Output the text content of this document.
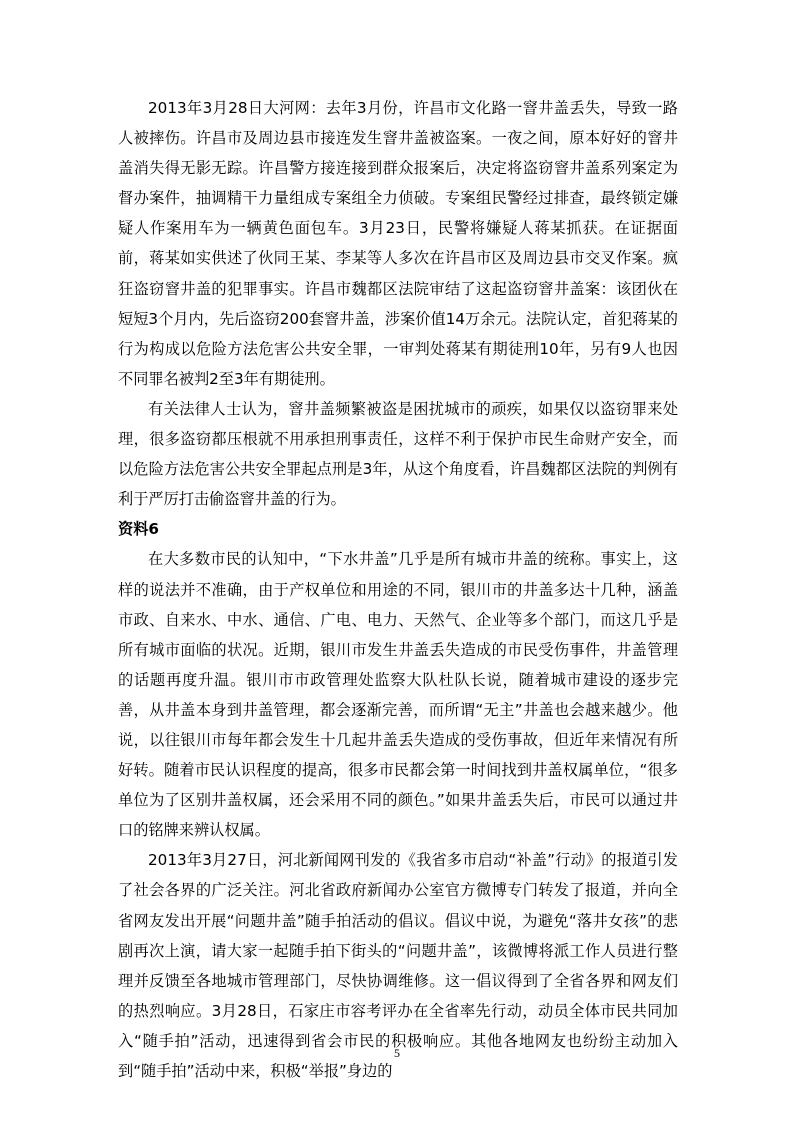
2013年3月28日大河网：去年3月份，许昌市文化路一窨井盖丢失，导致一路人被摔伤。许昌市及周边县市接连发生窨井盖被盗案。一夜之间，原本好好的窨井盖消失得无影无踪。许昌警方接连接到群众报案后，决定将盗窃窨井盖系列案定为督办案件，抽调精干力量组成专案组全力侦破。专案组民警经过排查，最终锁定嫌疑人作案用车为一辆黄色面包车。3月23日，民警将嫌疑人蒋某抓获。在证据面前，蒋某如实供述了伙同王某、李某等人多次在许昌市区及周边县市交叉作案。疯狂盗窃窨井盖的犯罪事实。许昌市魏都区法院审结了这起盗窃窨井盖案：该团伙在短短3个月内，先后盗窃200套窨井盖，涉案价值14万余元。法院认定，首犯蒋某的行为构成以危险方法危害公共安全罪，一审判处蒋某有期徒刑10年，另有9人也因不同罪名被判2至3年有期徒刑。

有关法律人士认为，窨井盖频繁被盗是困扰城市的顽疾，如果仅以盗窃罪来处理，很多盗窃都压根就不用承担刑事责任，这样不利于保护市民生命财产安全，而以危险方法危害公共安全罪起点刑是3年，从这个角度看，许昌魏都区法院的判例有利于严厉打击偷盗窨井盖的行为。

资料6

在大多数市民的认知中，“下水井盖”几乎是所有城市井盖的统称。事实上，这样的说法并不准确，由于产权单位和用途的不同，银川市的井盖多达十几种，涵盖市政、自来水、中水、通信、广电、电力、天然气、企业等多个部门，而这几乎是所有城市面临的状况。近期，银川市发生井盖丢失造成的市民受伤事件，井盖管理的话题再度升温。银川市市政管理处监察大队杜队长说，随着城市建设的逐步完善，从井盖本身到井盖管理，都会逐渐完善，而所谓“无主”井盖也会越来越少。他说，以往银川市每年都会发生十几起井盖丢失造成的受伤事故，但近年来情况有所好转。随着市民认识程度的提高，很多市民都会第一时间找到井盖权属单位，“很多单位为了区别井盖权属，还会采用不同的颜色。”如果井盖丢失后，市民可以通过井口的铭牌来辨认权属。

2013年3月27日，河北新闻网刊发的《我省多市启动“补盖”行动》的报道引发了社会各界的广泛关注。河北省政府新闻办公室官方微博专门转发了报道，并向全省网友发出开展“问题井盖”随手拍活动的倡议。倡议中说，为避免“落井女孩”的悲剧再次上演，请大家一起随手拍下街头的“问题井盖”，该微博将派工作人员进行整理并反馈至各地城市管理部门，尽快协调维修。这一倡议得到了全省各界和网友们的热烈响应。3月28日，石家庄市容考评办在全省率先行动，动员全体市民共同加入“随手拍”活动，迅速得到省会市民的积极响应。其他各地网友也纷纷主动加入到“随手拍”活动中来，积极“举报”身边的

5
